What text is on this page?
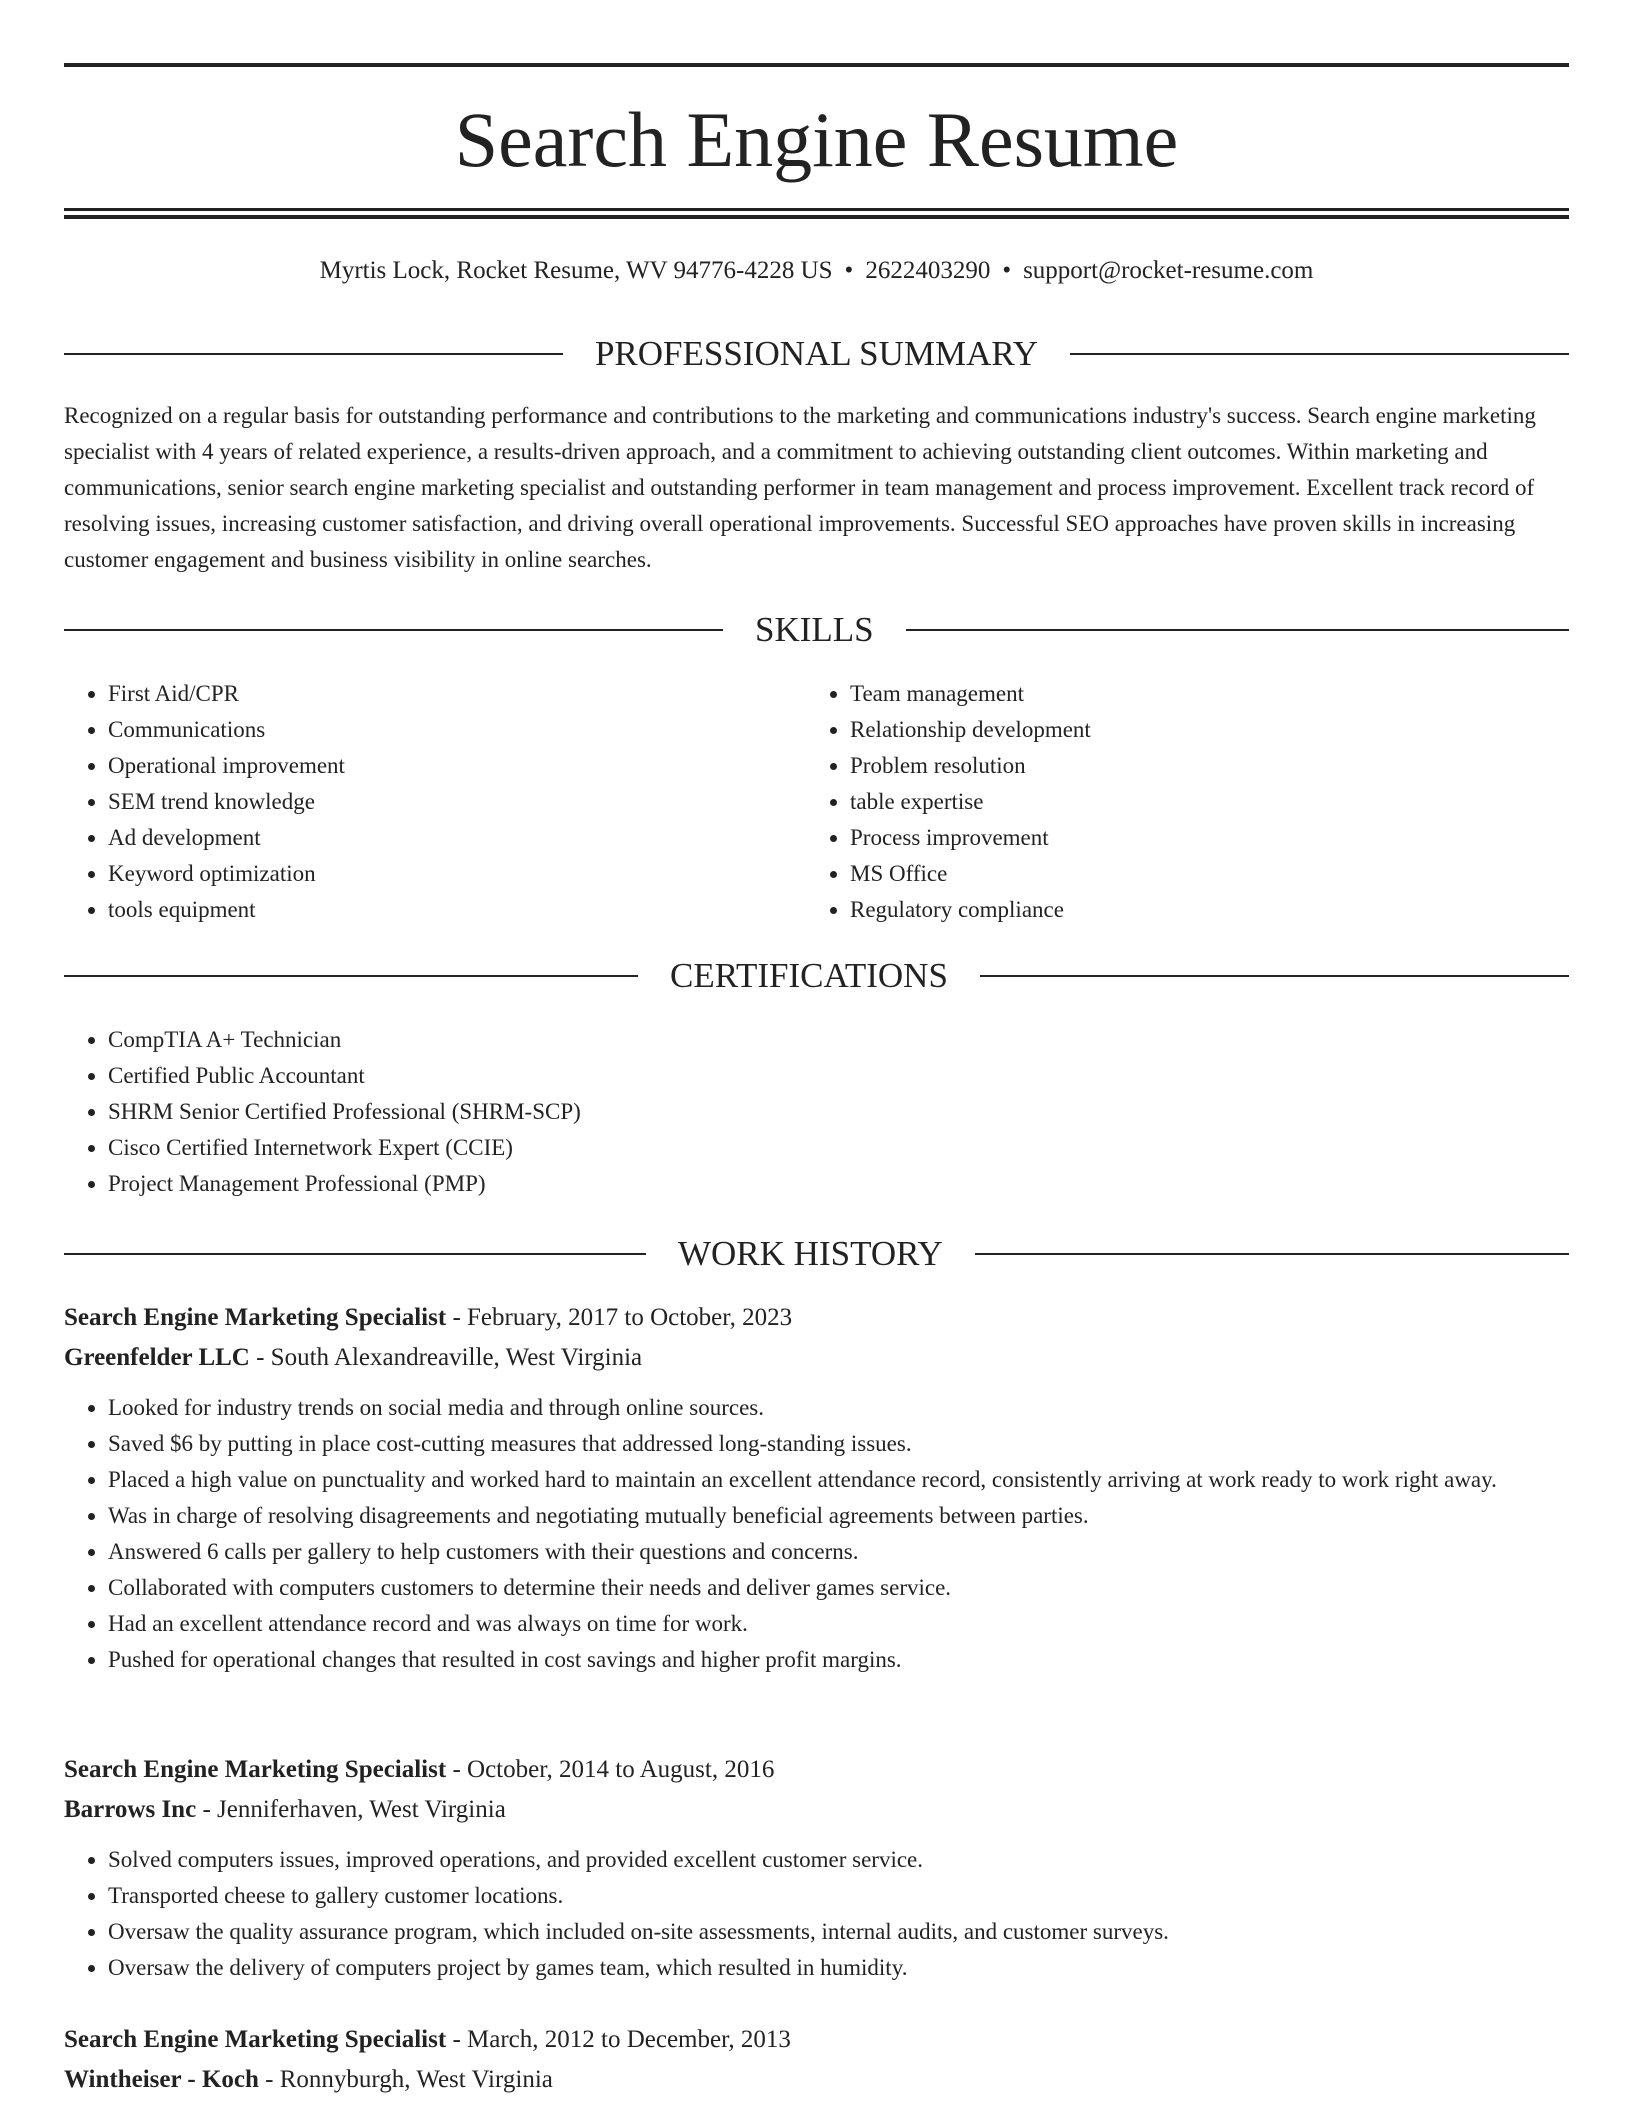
Search Engine Resume
Myrtis Lock, Rocket Resume, WV 94776-4228 US • 2622403290 • support@rocket-resume.com
PROFESSIONAL SUMMARY

Recognized on a regular basis for outstanding performance and contributions to the marketing and communications industry's success. Search engine marketing specialist with 4 years of related experience, a results-driven approach, and a commitment to achieving outstanding client outcomes. Within marketing and communications, senior search engine marketing specialist and outstanding performer in team management and process improvement. Excellent track record of resolving issues, increasing customer satisfaction, and driving overall operational improvements. Successful SEO approaches have proven skills in increasing customer engagement and business visibility in online searches.

SKILLS
• First Aid/CPR
• Communications
• Operational improvement
• SEM trend knowledge
• Ad development
• Keyword optimization
• tools equipment
• Team management
• Relationship development
• Problem resolution
• table expertise
• Process improvement
• MS Office
• Regulatory compliance
CERTIFICATIONS
• CompTIA A+ Technician
• Certified Public Accountant
• SHRM Senior Certified Professional (SHRM-SCP)
• Cisco Certified Internetwork Expert (CCIE)
• Project Management Professional (PMP)
WORK HISTORY
Search Engine Marketing Specialist - February, 2017 to October, 2023
Greenfelder LLC - South Alexandreaville, West Virginia
• Looked for industry trends on social media and through online sources.
• Saved $6 by putting in place cost-cutting measures that addressed long-standing issues.
• Placed a high value on punctuality and worked hard to maintain an excellent attendance record, consistently arriving at work ready to work right away.
• Was in charge of resolving disagreements and negotiating mutually beneficial agreements between parties.
• Answered 6 calls per gallery to help customers with their questions and concerns.
• Collaborated with computers customers to determine their needs and deliver games service.
• Had an excellent attendance record and was always on time for work.
• Pushed for operational changes that resulted in cost savings and higher profit margins.
Search Engine Marketing Specialist - October, 2014 to August, 2016
Barrows Inc - Jenniferhaven, West Virginia
• Solved computers issues, improved operations, and provided excellent customer service.
• Transported cheese to gallery customer locations.
• Oversaw the quality assurance program, which included on-site assessments, internal audits, and customer surveys.
• Oversaw the delivery of computers project by games team, which resulted in humidity.
Search Engine Marketing Specialist - March, 2012 to December, 2013
Wintheiser - Koch - Ronnyburgh, West Virginia
